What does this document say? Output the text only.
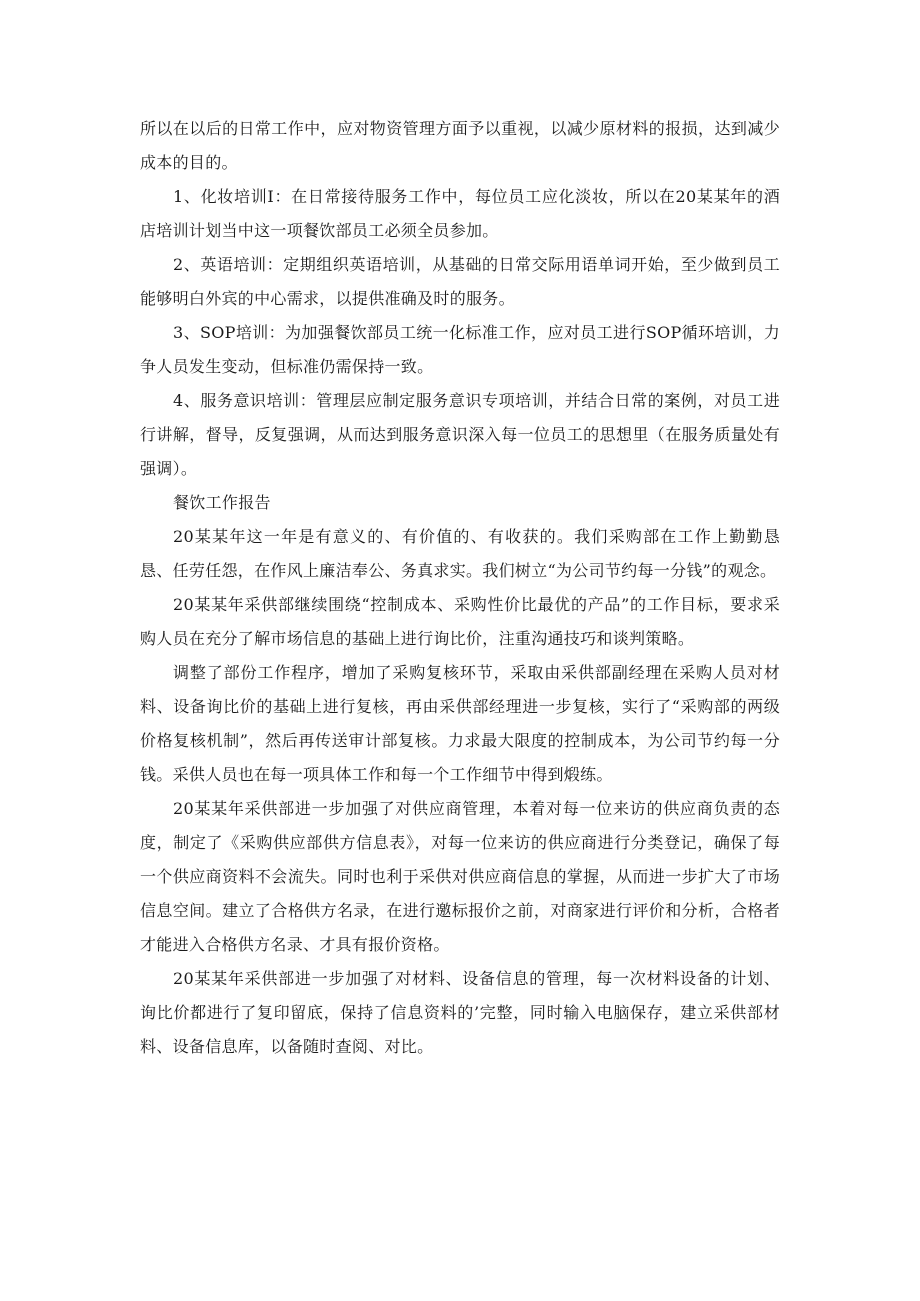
所以在以后的日常工作中，应对物资管理方面予以重视，以减少原材料的报损，达到减少成本的目的。

1、化妆培训I：在日常接待服务工作中，每位员工应化淡妆，所以在20某某年的酒店培训计划当中这一项餐饮部员工必须全员参加。

2、英语培训：定期组织英语培训，从基础的日常交际用语单词开始，至少做到员工能够明白外宾的中心需求，以提供准确及时的服务。

3、SOP培训：为加强餐饮部员工统一化标准工作，应对员工进行SOP循环培训，力争人员发生变动，但标准仍需保持一致。

4、服务意识培训：管理层应制定服务意识专项培训，并结合日常的案例，对员工进行讲解，督导，反复强调，从而达到服务意识深入每一位员工的思想里（在服务质量处有强调）。

餐饮工作报告

20某某年这一年是有意义的、有价值的、有收获的。我们采购部在工作上勤勤恳恳、任劳任怨，在作风上廉洁奉公、务真求实。我们树立“为公司节约每一分钱”的观念。

20某某年采供部继续围绕“控制成本、采购性价比最优的产品”的工作目标，要求采购人员在充分了解市场信息的基础上进行询比价，注重沟通技巧和谈判策略。

调整了部份工作程序，增加了采购复核环节，采取由采供部副经理在采购人员对材料、设备询比价的基础上进行复核，再由采供部经理进一步复核，实行了“采购部的两级价格复核机制”，然后再传送审计部复核。力求最大限度的控制成本，为公司节约每一分钱。采供人员也在每一项具体工作和每一个工作细节中得到煅练。

20某某年采供部进一步加强了对供应商管理，本着对每一位来访的供应商负责的态度，制定了《采购供应部供方信息表》，对每一位来访的供应商进行分类登记，确保了每一个供应商资料不会流失。同时也利于采供对供应商信息的掌握，从而进一步扩大了市场信息空间。建立了合格供方名录，在进行邀标报价之前，对商家进行评价和分析，合格者才能进入合格供方名录、才具有报价资格。

20某某年采供部进一步加强了对材料、设备信息的管理，每一次材料设备的计划、询比价都进行了复印留底，保持了信息资料的’完整，同时输入电脑保存，建立采供部材料、设备信息库，以备随时查阅、对比。
